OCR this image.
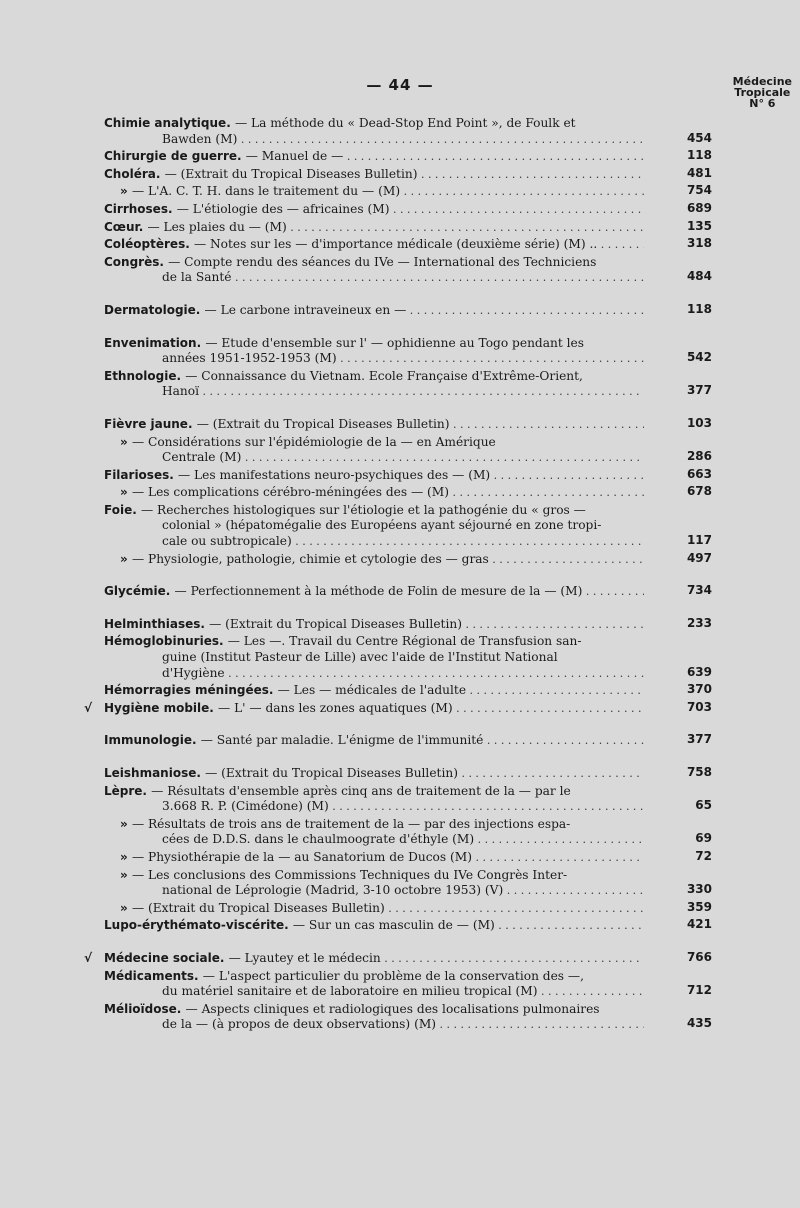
— 44 —	Médecine
Tropicale
N° 6
Chimie analytique. — La méthode du « Dead-Stop End Point », de Foulk et
Bawden (M) . . .	454
Chirurgie de guerre. — Manuel de — . . .	118
Choléra. — (Extrait du Tropical Diseases Bulletin) . . .	481
» — L'A. C. T. H. dans le traitement du — (M) . . .	754
Cirrhoses. — L'étiologie des — africaines (M) . . .	689
Cœur. — Les plaies du — (M) . . .	135
Coléoptères. — Notes sur les — d'importance médicale (deuxième série) (M) .. . . .	318
Congrès. — Compte rendu des séances du IVe — International des Techniciens
de la Santé . . .	484
Dermatologie. — Le carbone intraveineux en — . . .	118
Envenimation. — Etude d'ensemble sur l' — ophidienne au Togo pendant les
années 1951-1952-1953 (M) . . .	542
Ethnologie. — Connaissance du Vietnam. Ecole Française d'Extrême-Orient,
Hanoï . . .	377
Fièvre jaune. — (Extrait du Tropical Diseases Bulletin) . . .	103
» — Considérations sur l'épidémiologie de la — en Amérique
Centrale (M) . . .	286
Filarioses. — Les manifestations neuro-psychiques des — (M) . . .	663
» — Les complications cérébro-méningées des — (M) . . .	678
Foie. — Recherches histologiques sur l'étiologie et la pathogénie du « gros —
colonial » (hépatomégalie des Européens ayant séjourné en zone tropi-
cale ou subtropicale) . . .	117
» — Physiologie, pathologie, chimie et cytologie des — gras . . .	497
Glycémie. — Perfectionnement à la méthode de Folin de mesure de la — (M) . . .	734
Helminthiases. — (Extrait du Tropical Diseases Bulletin) . . .	233
Hémoglobinuries. — Les —. Travail du Centre Régional de Transfusion san-
guine (Institut Pasteur de Lille) avec l'aide de l'Institut National
d'Hygiène . . .	639
Hémorragies méningées. — Les — médicales de l'adulte . . .	370
√ Hygiène mobile. — L' — dans les zones aquatiques (M) . . .	703
Immunologie. — Santé par maladie. L'énigme de l'immunité . . .	377
Leishmaniose. — (Extrait du Tropical Diseases Bulletin) . . .	758
Lèpre. — Résultats d'ensemble après cinq ans de traitement de la — par le
3.668 R. P. (Cimédone) (M) . . .	65
» — Résultats de trois ans de traitement de la — par des injections espa-
cées de D.D.S. dans le chaulmoograte d'éthyle (M) . . .	69
» — Physiothérapie de la — au Sanatorium de Ducos (M) . . .	72
» — Les conclusions des Commissions Techniques du IVe Congrès Inter-
national de Léprologie (Madrid, 3-10 octobre 1953) (V) . . .	330
» — (Extrait du Tropical Diseases Bulletin) . . .	359
Lupo-érythémato-viscérite. — Sur un cas masculin de — (M) . . .	421
√ Médecine sociale. — Lyautey et le médecin . . .	766
Médicaments. — L'aspect particulier du problème de la conservation des —,
du matériel sanitaire et de laboratoire en milieu tropical (M) . . .	712
Mélioïdose. — Aspects cliniques et radiologiques des localisations pulmonaires
de la — (à propos de deux observations) (M) . . .	435
